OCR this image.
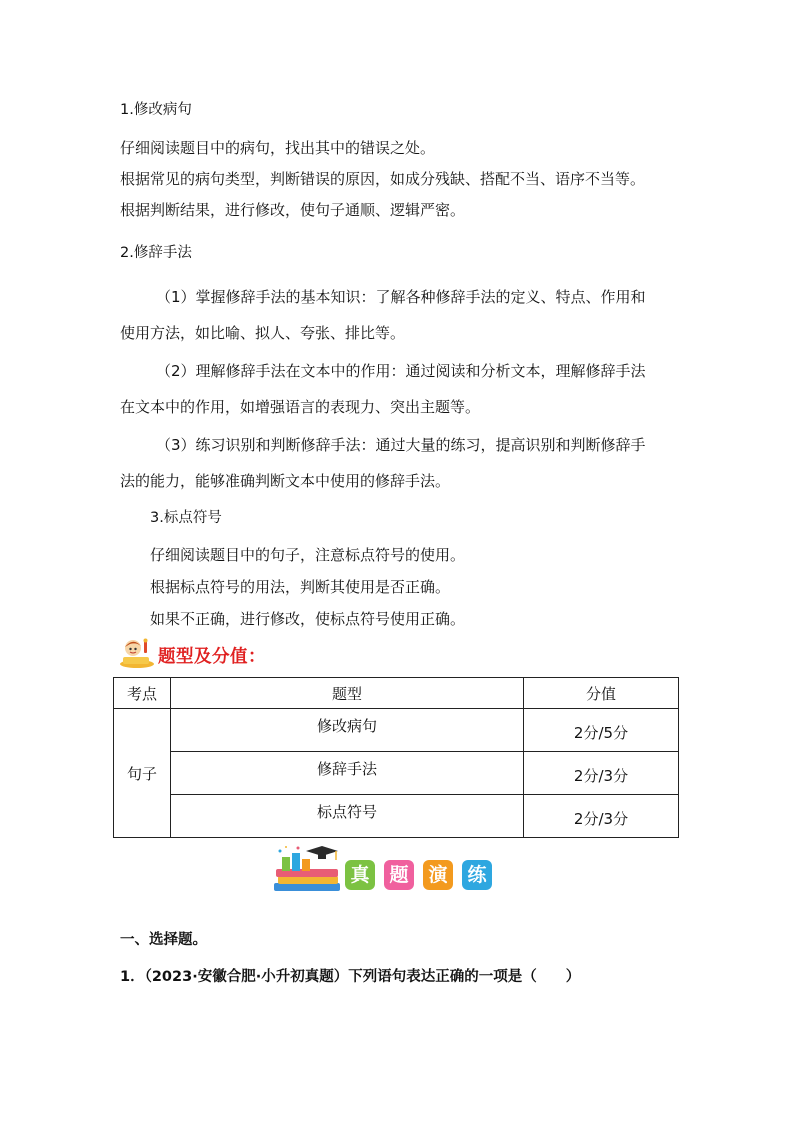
1.修改病句
仔细阅读题目中的病句，找出其中的错误之处。
根据常见的病句类型，判断错误的原因，如成分残缺、搭配不当、语序不当等。
根据判断结果，进行修改，使句子通顺、逻辑严密。
2.修辞手法
（1）掌握修辞手法的基本知识：了解各种修辞手法的定义、特点、作用和
使用方法，如比喻、拟人、夸张、排比等。
（2）理解修辞手法在文本中的作用：通过阅读和分析文本，理解修辞手法
在文本中的作用，如增强语言的表现力、突出主题等。
（3）练习识别和判断修辞手法：通过大量的练习，提高识别和判断修辞手
法的能力，能够准确判断文本中使用的修辞手法。
3.标点符号
仔细阅读题目中的句子，注意标点符号的使用。
根据标点符号的用法，判断其使用是否正确。
如果不正确，进行修改，使标点符号使用正确。
题型及分值：
考点	题型	分值
句子	修改病句	2分/5分
	修辞手法	2分/3分
	标点符号	2分/3分
真 题 演 练
一、选择题。
1．（2023·安徽合肥·小升初真题）下列语句表达正确的一项是（　　）
